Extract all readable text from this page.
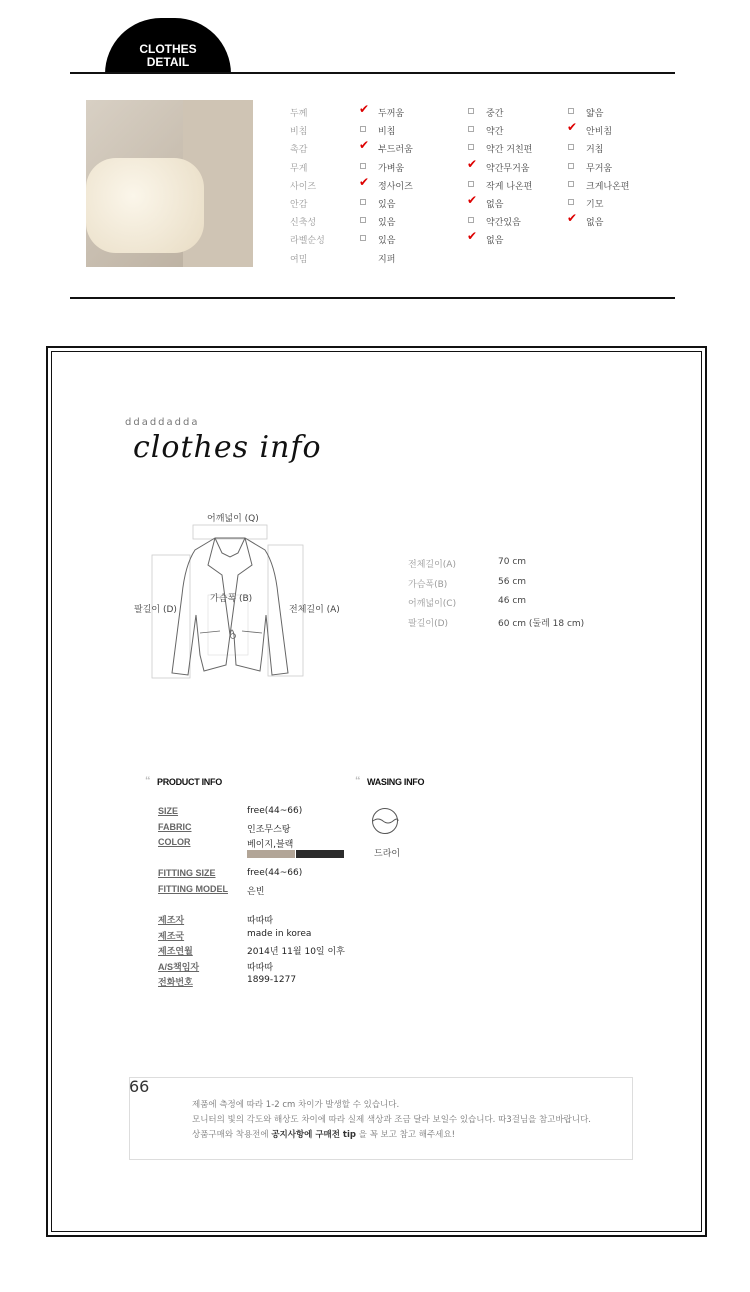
CLOTHES
DETAIL
두께	✔ 두꺼움	중간	얇음
비침	비침	약간	✔ 안비침
촉감	✔ 부드러움	약간 거친편	거침
무게	가벼움	✔ 약간무거움	무거움
사이즈	✔ 정사이즈	작게 나온편	크게나온편
안감	있음	✔ 없음	기모
신축성	있음	약간있음	✔ 없음
라벨순성	있음	✔ 없음
여밈	지퍼
ddaddadda
clothes info
어깨넓이 (Q)
가슴폭 (B)
팔길이 (D)	전체길이 (A)
전체길이(A)	70 cm
가슴폭(B)	56 cm
어깨넓이(C)	46 cm
팔길이(D)	60 cm (둘레 18 cm)
“ PRODUCT INFO	“ WASING INFO
SIZE	free(44~66)
FABRIC	인조무스탕
COLOR	베이지,블랙
FITTING SIZE	free(44~66)
FITTING MODEL 은빈
제조자	따따따
제조국	made in korea
제조연월	2014년 11월 10일 이후
A/S책임자	따따따
전화번호	1899-1277
드라이
66
제품에 측정에 따라 1-2 cm 차이가 발생할 수 있습니다.
모니터의 빛의 각도와 해상도 차이에 따라 실제 색상과 조금 달라 보일수 있습니다. 따3걸님을 참고바랍니다.
상품구매와 착용전에 공지사항에 구매전 tip 을 꼭 보고 참고 해주세요!
